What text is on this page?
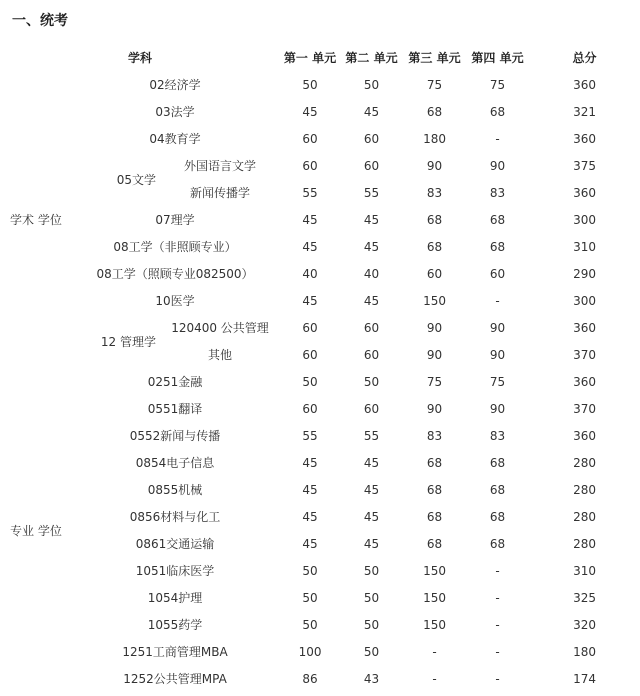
一、统考
学科			第一 单元	第二 单元	第三 单元	第四 单元	总分
学术 学位	02经济学		50	50	75	75	360
	03法学		45	45	68	68	321
	04教育学		60	60	180	-	360
	05文学	外国语言文学	60	60	90	90	375
		新闻传播学	55	55	83	83	360
	07理学		45	45	68	68	300
	08工学（非照顾专业）		45	45	68	68	310
	08工学（照顾专业082500）		40	40	60	60	290
	10医学		45	45	150	-	300
	12 管理学	120400 公共管理	60	60	90	90	360
		其他	60	60	90	90	370
专业 学位	0251金融		50	50	75	75	360
	0551翻译		60	60	90	90	370
	0552新闻与传播		55	55	83	83	360
	0854电子信息		45	45	68	68	280
	0855机械		45	45	68	68	280
	0856材料与化工		45	45	68	68	280
	0861交通运输		45	45	68	68	280
	1051临床医学		50	50	150	-	310
	1054护理		50	50	150	-	325
	1055药学		50	50	150	-	320
	1251工商管理MBA		100	50	-	-	180
	1252公共管理MPA		86	43	-	-	174
